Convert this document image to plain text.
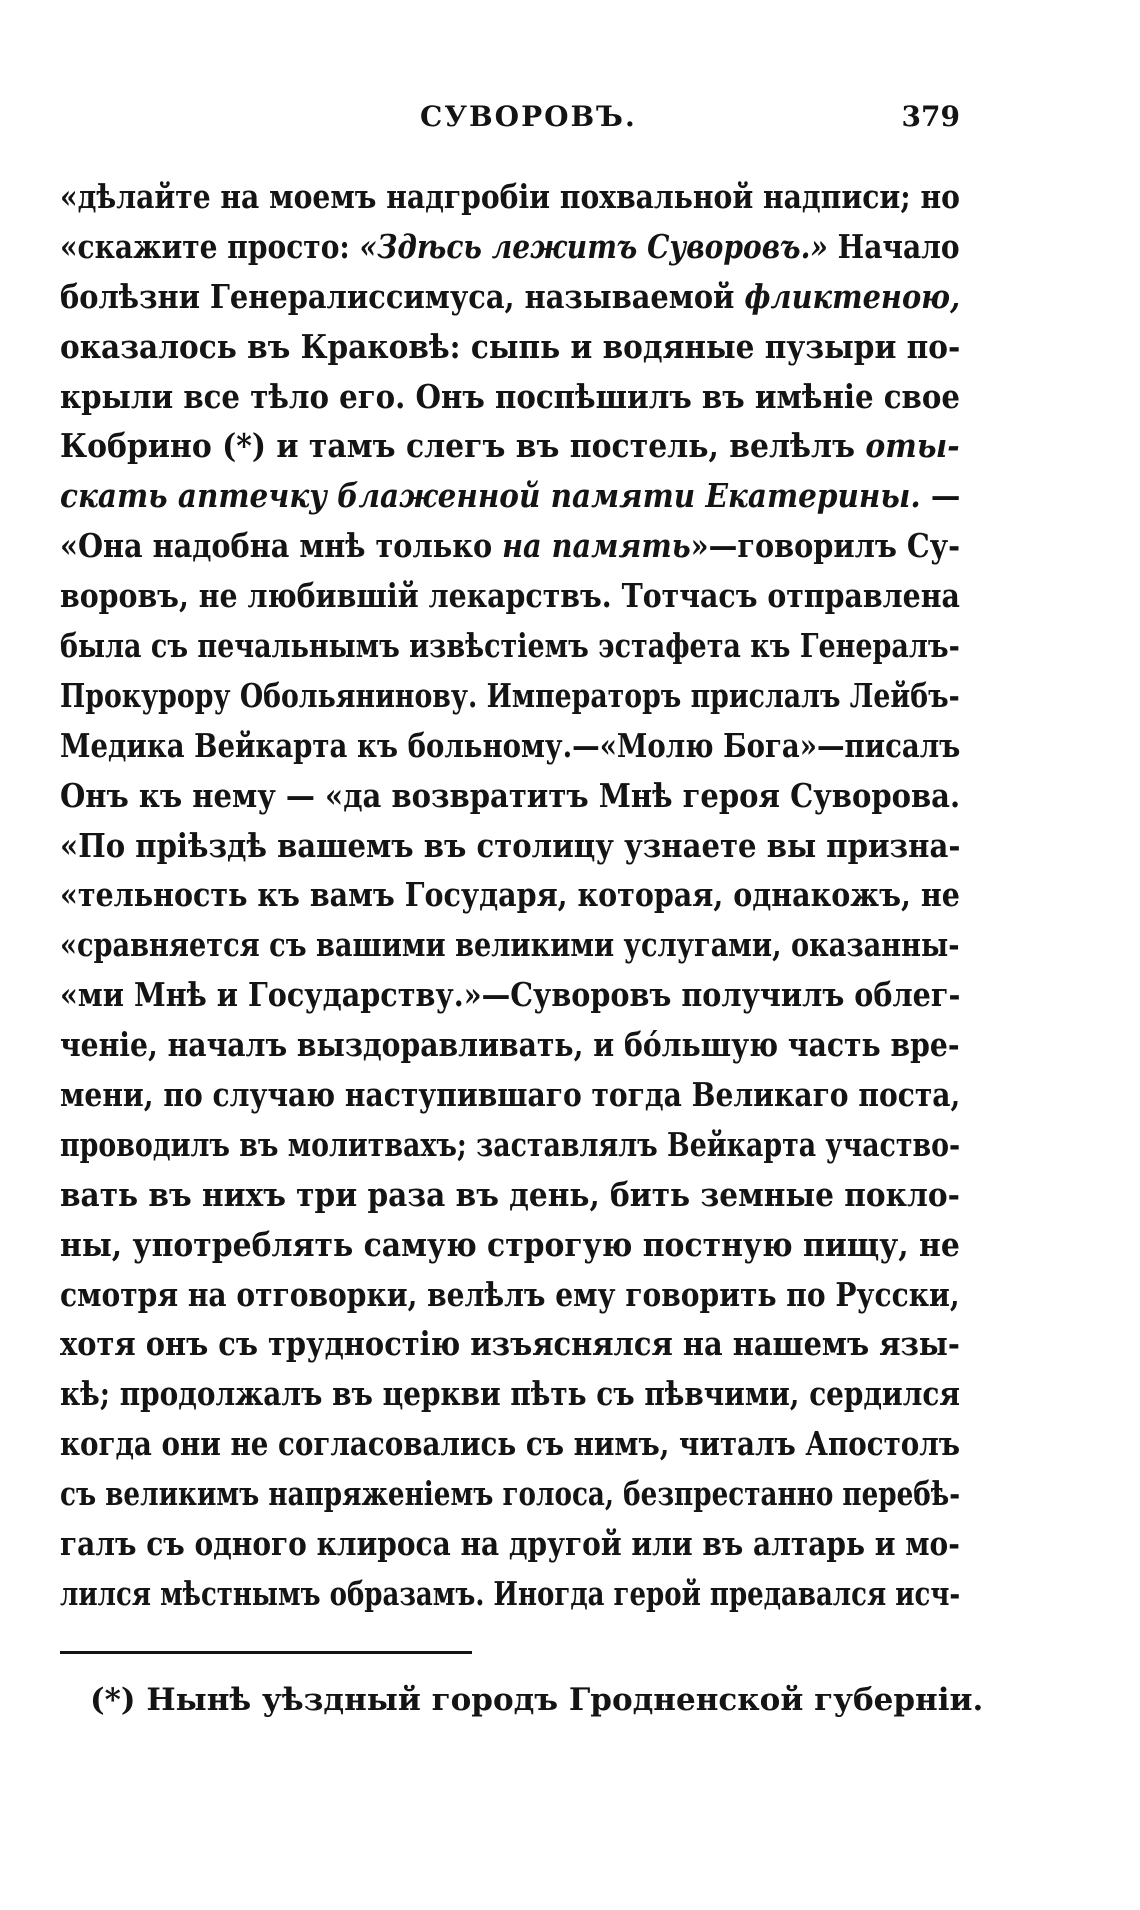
СУВОРОВЪ.	379
«дѣлайте на моемъ надгробіи похвальной надписи; но
«скажите просто: «Здѣсь лежитъ Суворовъ.» Начало
болѣзни Генералиссимуса, называемой фликтеною,
оказалось въ Краковѣ: сыпь и водяные пузыри по-
крыли все тѣло его. Онъ поспѣшилъ въ имѣніе свое
Кобрино (*) и тамъ слегъ въ постель, велѣлъ оты-
скать аптечку блаженной памяти Екатерины. —
«Она надобна мнѣ только на память»—говорилъ Су-
воровъ, не любившій лекарствъ. Тотчасъ отправлена
была съ печальнымъ извѣстіемъ эстафета къ Генералъ-
Прокурору Обольянинову. Императоръ прислалъ Лейбъ-
Медика Вейкарта къ больному.—«Молю Бога»—писалъ
Онъ къ нему — «да возвратитъ Мнѣ героя Суворова.
«По пріѣздѣ вашемъ въ столицу узнаете вы призна-
«тельность къ вамъ Государя, которая, однакожъ, не
«сравняется съ вашими великими услугами, оказанны-
«ми Мнѣ и Государству.»—Суворовъ получилъ облег-
ченіе, началъ выздоравливать, и бо́льшую часть вре-
мени, по случаю наступившаго тогда Великаго поста,
проводилъ въ молитвахъ; заставлялъ Вейкарта участво-
вать въ нихъ три раза въ день, бить земные покло-
ны, употреблять самую строгую постную пищу, не
смотря на отговорки, велѣлъ ему говорить по Русски,
хотя онъ съ трудностію изъяснялся на нашемъ язы-
кѣ; продолжалъ въ церкви пѣть съ пѣвчими, сердился
когда они не согласовались съ нимъ, читалъ Апостолъ
съ великимъ напряженіемъ голоса, безпрестанно перебѣ-
галъ съ одного клироса на другой или въ алтарь и мо-
лился мѣстнымъ образамъ. Иногда герой предавался исч-
(*) Нынѣ уѣздный городъ Гродненской губерніи.
